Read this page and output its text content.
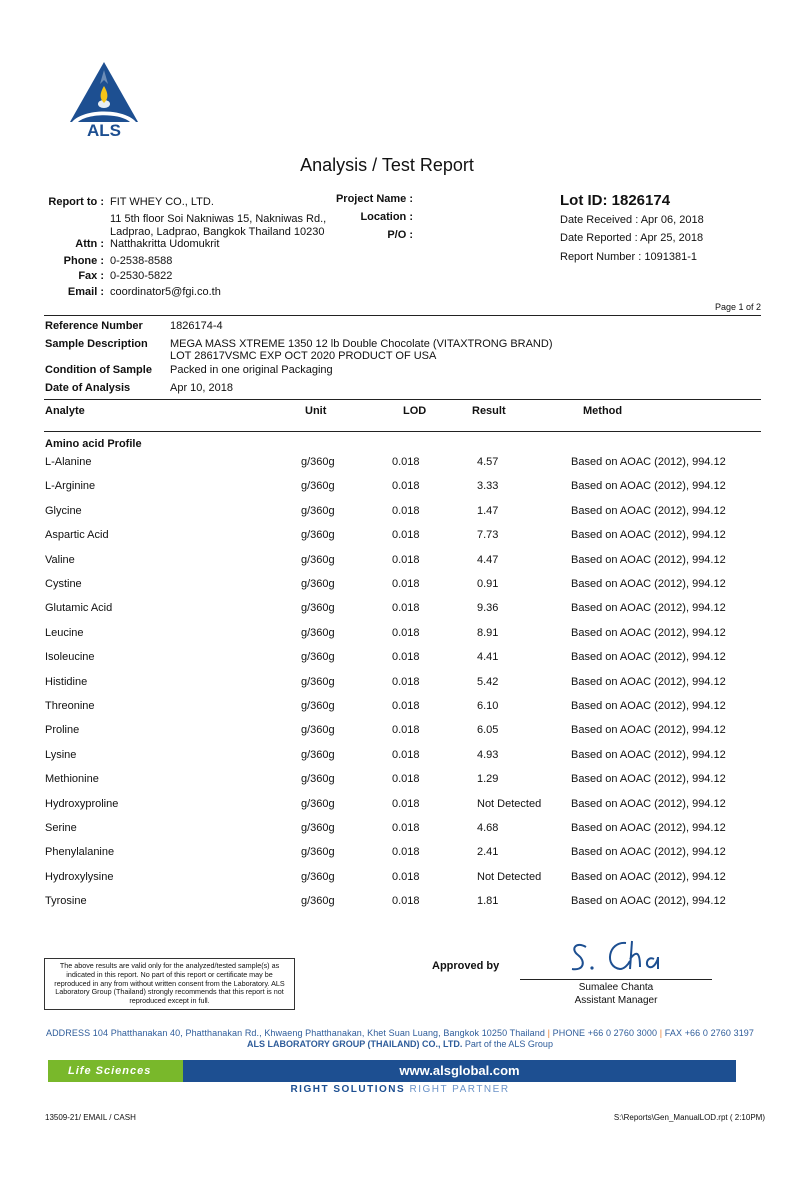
ALS
Analysis / Test Report
Report to : FIT WHEY CO., LTD.
11 5th floor Soi Nakniwas 15, Nakniwas Rd.,
Ladprao, Ladprao, Bangkok Thailand 10230
Attn : Natthakritta Udomukrit
Phone : 0-2538-8588
Fax : 0-2530-5822
Email : coordinator5@fgi.co.th
Project Name :
Location :
P/O :
Lot ID: 1826174
Date Received : Apr 06, 2018
Date Reported : Apr 25, 2018
Report Number : 1091381-1
Page 1 of 2
Reference Number 1826174-4
Sample Description MEGA MASS XTREME 1350 12 lb Double Chocolate (VITAXTRONG BRAND)
LOT 28617VSMC EXP OCT 2020 PRODUCT OF USA
Condition of Sample Packed in one original Packaging
Date of Analysis	Apr 10, 2018
Analyte	Unit	LOD	Result	Method
Amino acid Profile
L-Alanine	g/360g	0.018	4.57	Based on AOAC (2012), 994.12
L-Arginine	g/360g	0.018	3.33	Based on AOAC (2012), 994.12
Glycine	g/360g	0.018	1.47	Based on AOAC (2012), 994.12
Aspartic Acid	g/360g	0.018	7.73	Based on AOAC (2012), 994.12
Valine	g/360g	0.018	4.47	Based on AOAC (2012), 994.12
Cystine	g/360g	0.018	0.91	Based on AOAC (2012), 994.12
Glutamic Acid	g/360g	0.018	9.36	Based on AOAC (2012), 994.12
Leucine	g/360g	0.018	8.91	Based on AOAC (2012), 994.12
Isoleucine	g/360g	0.018	4.41	Based on AOAC (2012), 994.12
Histidine	g/360g	0.018	5.42	Based on AOAC (2012), 994.12
Threonine	g/360g	0.018	6.10	Based on AOAC (2012), 994.12
Proline	g/360g	0.018	6.05	Based on AOAC (2012), 994.12
Lysine	g/360g	0.018	4.93	Based on AOAC (2012), 994.12
Methionine	g/360g	0.018	1.29	Based on AOAC (2012), 994.12
Hydroxyproline	g/360g	0.018	Not Detected	Based on AOAC (2012), 994.12
Serine	g/360g	0.018	4.68	Based on AOAC (2012), 994.12
Phenylalanine	g/360g	0.018	2.41	Based on AOAC (2012), 994.12
Hydroxylysine	g/360g	0.018	Not Detected	Based on AOAC (2012), 994.12
Tyrosine	g/360g	0.018	1.81	Based on AOAC (2012), 994.12
The above results are valid only for the analyzed/tested sample(s) as indicated in this report. No part of this report or certificate may be reproduced in any from without written consent from the Laboratory. ALS Laboratory Group (Thailand) strongly recommends that this report is not reproduced except in full.
Approved by
Sumalee Chanta
Assistant Manager
ADDRESS 104 Phatthanakan 40, Phatthanakan Rd., Khwaeng Phatthanakan, Khet Suan Luang, Bangkok 10250 Thailand | PHONE +66 0 2760 3000 | FAX +66 0 2760 3197
ALS LABORATORY GROUP (THAILAND) CO., LTD. Part of the ALS Group
Life Sciences	www.alsglobal.com
RIGHT SOLUTIONS RIGHT PARTNER
13509-21/ EMAIL / CASH	S:\Reports\Gen_ManualLOD.rpt ( 2:10PM)
